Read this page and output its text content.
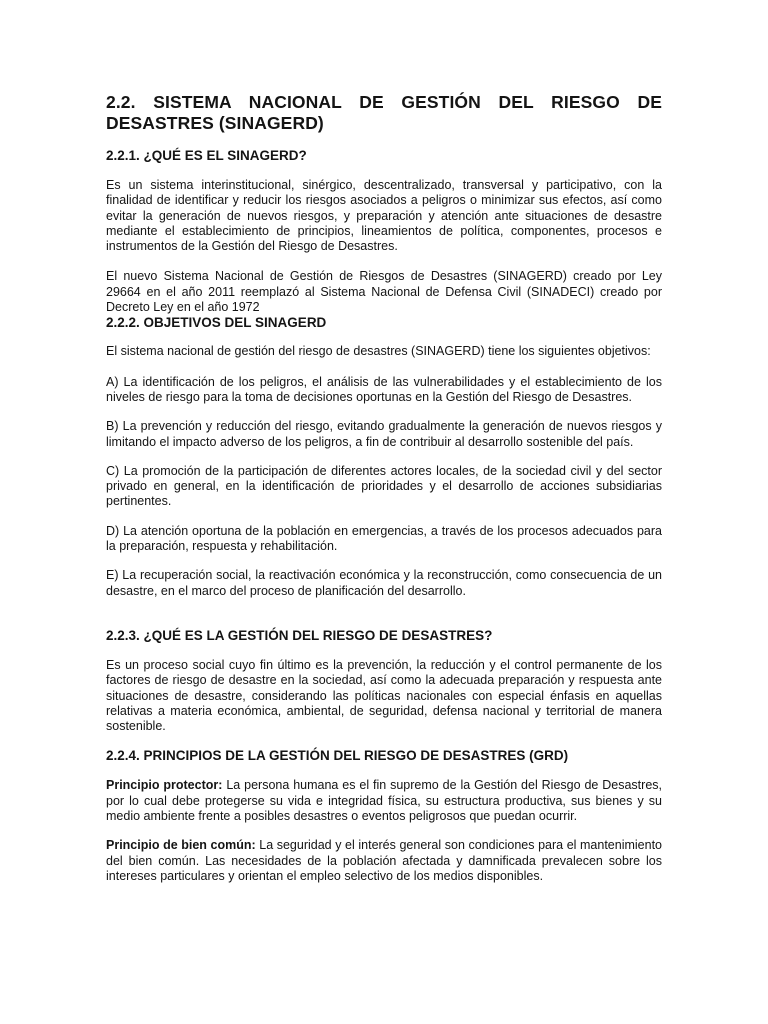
2.2. SISTEMA NACIONAL DE GESTIÓN DEL RIESGO DE DESASTRES (SINAGERD)
2.2.1. ¿QUÉ ES EL SINAGERD?

Es un sistema interinstitucional, sinérgico, descentralizado, transversal y participativo, con la finalidad de identificar y reducir los riesgos asociados a peligros o minimizar sus efectos, así como evitar la generación de nuevos riesgos, y preparación y atención ante situaciones de desastre mediante el establecimiento de principios, lineamientos de política, componentes, procesos e instrumentos de la Gestión del Riesgo de Desastres.

El nuevo Sistema Nacional de Gestión de Riesgos de Desastres (SINAGERD) creado por Ley 29664 en el año 2011 reemplazó al Sistema Nacional de Defensa Civil (SINADECI) creado por Decreto Ley en el año 1972

2.2.2. OBJETIVOS DEL SINAGERD

El sistema nacional de gestión del riesgo de desastres (SINAGERD) tiene los siguientes objetivos:

A) La identificación de los peligros, el análisis de las vulnerabilidades y el establecimiento de los niveles de riesgo para la toma de decisiones oportunas en la Gestión del Riesgo de Desastres.

B) La prevención y reducción del riesgo, evitando gradualmente la generación de nuevos riesgos y limitando el impacto adverso de los peligros, a fin de contribuir al desarrollo sostenible del país.

C) La promoción de la participación de diferentes actores locales, de la sociedad civil y del sector privado en general, en la identificación de prioridades y el desarrollo de acciones subsidiarias pertinentes.

D) La atención oportuna de la población en emergencias, a través de los procesos adecuados para la preparación, respuesta y rehabilitación.

E) La recuperación social, la reactivación económica y la reconstrucción, como consecuencia de un desastre, en el marco del proceso de planificación del desarrollo.

2.2.3. ¿QUÉ ES LA GESTIÓN DEL RIESGO DE DESASTRES?

Es un proceso social cuyo fin último es la prevención, la reducción y el control permanente de los factores de riesgo de desastre en la sociedad, así como la adecuada preparación y respuesta ante situaciones de desastre, considerando las políticas nacionales con especial énfasis en aquellas relativas a materia económica, ambiental, de seguridad, defensa nacional y territorial de manera sostenible.

2.2.4. PRINCIPIOS DE LA GESTIÓN DEL RIESGO DE DESASTRES (GRD)

Principio protector: La persona humana es el fin supremo de la Gestión del Riesgo de Desastres, por lo cual debe protegerse su vida e integridad física, su estructura productiva, sus bienes y su medio ambiente frente a posibles desastres o eventos peligrosos que puedan ocurrir.

Principio de bien común: La seguridad y el interés general son condiciones para el mantenimiento del bien común. Las necesidades de la población afectada y damnificada prevalecen sobre los intereses particulares y orientan el empleo selectivo de los medios disponibles.
